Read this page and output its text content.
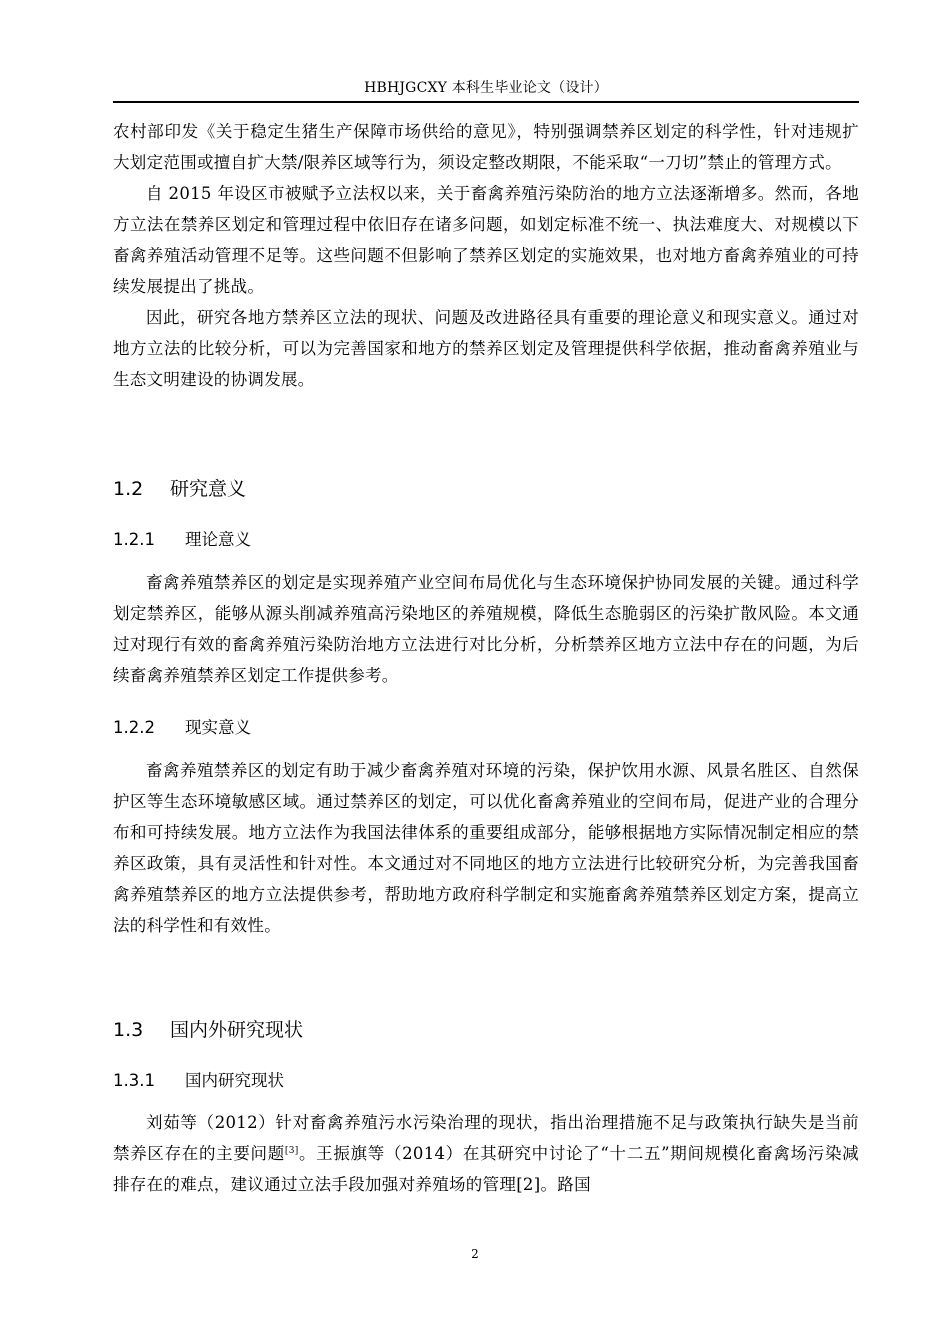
HBHJGCXY 本科生毕业论文（设计）

农村部印发《关于稳定生猪生产保障市场供给的意见》，特别强调禁养区划定的科学性，针对违规扩大划定范围或擅自扩大禁/限养区域等行为，须设定整改期限，不能采取“一刀切”禁止的管理方式。

自 2015 年设区市被赋予立法权以来，关于畜禽养殖污染防治的地方立法逐渐增多。然而，各地方立法在禁养区划定和管理过程中依旧存在诸多问题，如划定标准不统一、执法难度大、对规模以下畜禽养殖活动管理不足等。这些问题不但影响了禁养区划定的实施效果，也对地方畜禽养殖业的可持续发展提出了挑战。

因此，研究各地方禁养区立法的现状、问题及改进路径具有重要的理论意义和现实意义。通过对地方立法的比较分析，可以为完善国家和地方的禁养区划定及管理提供科学依据，推动畜禽养殖业与生态文明建设的协调发展。

1.2 研究意义
1.2.1 理论意义

畜禽养殖禁养区的划定是实现养殖产业空间布局优化与生态环境保护协同发展的关键。通过科学划定禁养区，能够从源头削减养殖高污染地区的养殖规模，降低生态脆弱区的污染扩散风险。本文通过对现行有效的畜禽养殖污染防治地方立法进行对比分析，分析禁养区地方立法中存在的问题，为后续畜禽养殖禁养区划定工作提供参考。

1.2.2 现实意义

畜禽养殖禁养区的划定有助于减少畜禽养殖对环境的污染，保护饮用水源、风景名胜区、自然保护区等生态环境敏感区域。通过禁养区的划定，可以优化畜禽养殖业的空间布局，促进产业的合理分布和可持续发展。地方立法作为我国法律体系的重要组成部分，能够根据地方实际情况制定相应的禁养区政策，具有灵活性和针对性。本文通过对不同地区的地方立法进行比较研究分析，为完善我国畜禽养殖禁养区的地方立法提供参考，帮助地方政府科学制定和实施畜禽养殖禁养区划定方案，提高立法的科学性和有效性。

1.3 国内外研究现状
1.3.1 国内研究现状

刘茹等（2012）针对畜禽养殖污水污染治理的现状，指出治理措施不足与政策执行缺失是当前禁养区存在的主要问题[3]。王振旗等（2014）在其研究中讨论了“十二五”期间规模化畜禽场污染减排存在的难点，建议通过立法手段加强对养殖场的管理[2]。路国

2
